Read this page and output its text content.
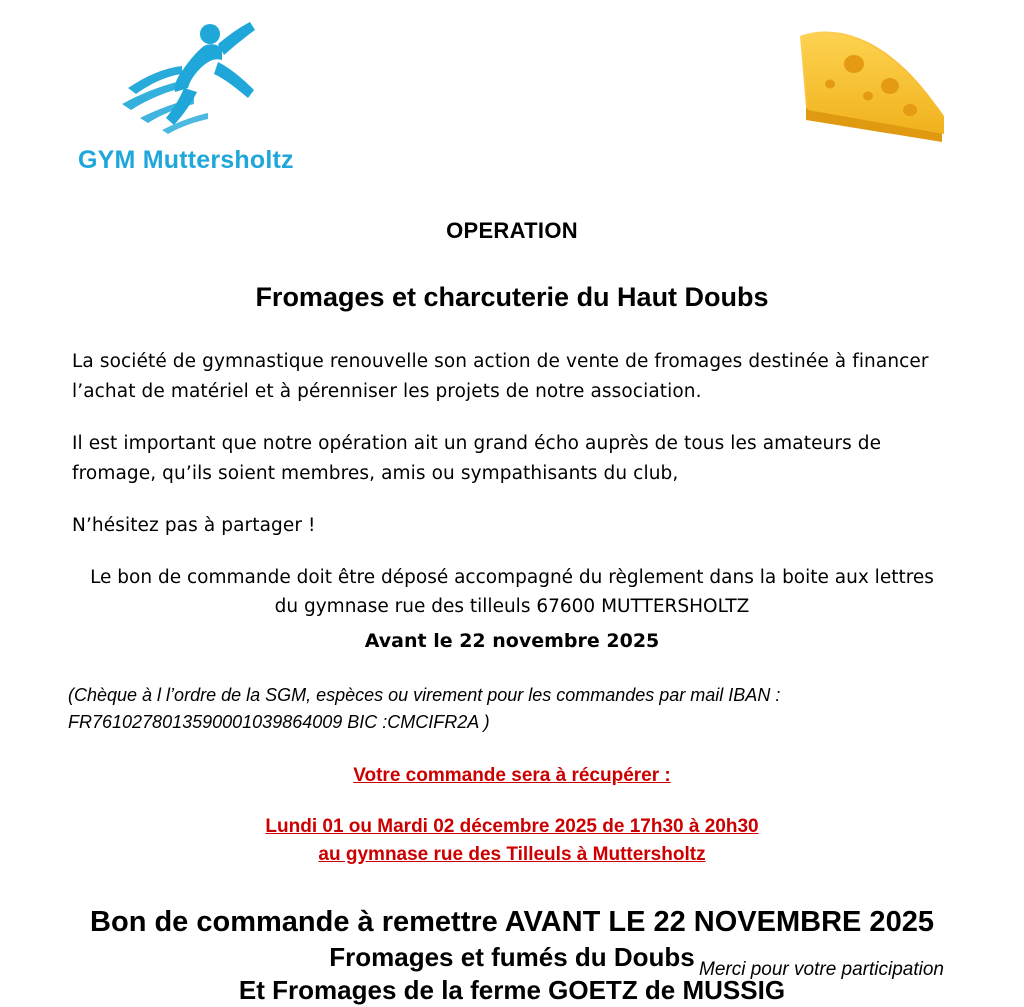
GYM Muttersholtz
OPERATION
Fromages et charcuterie du Haut Doubs

La société de gymnastique renouvelle son action de vente de fromages destinée à financer l’achat de matériel et à pérenniser les projets de notre association.

Il est important que notre opération ait un grand écho auprès de tous les amateurs de fromage, qu’ils soient membres, amis ou sympathisants du club,

N’hésitez pas à partager !

Le bon de commande doit être déposé accompagné du règlement dans la boite aux lettres
du gymnase rue des tilleuls 67600 MUTTERSHOLTZ
Avant le 22 novembre 2025
(Chèque à l l’ordre de la SGM, espèces ou virement pour les commandes par mail IBAN : FR7610278013590001039864009 BIC :CMCIFR2A )
Votre commande sera à récupérer :
Lundi 01 ou Mardi 02 décembre 2025 de 17h30 à 20h30
au gymnase rue des Tilleuls à Muttersholtz
Bon de commande à remettre AVANT LE 22 NOVEMBRE 2025
Fromages et fumés du Doubs
Et Fromages de la ferme GOETZ de MUSSIG
Merci pour votre participation
